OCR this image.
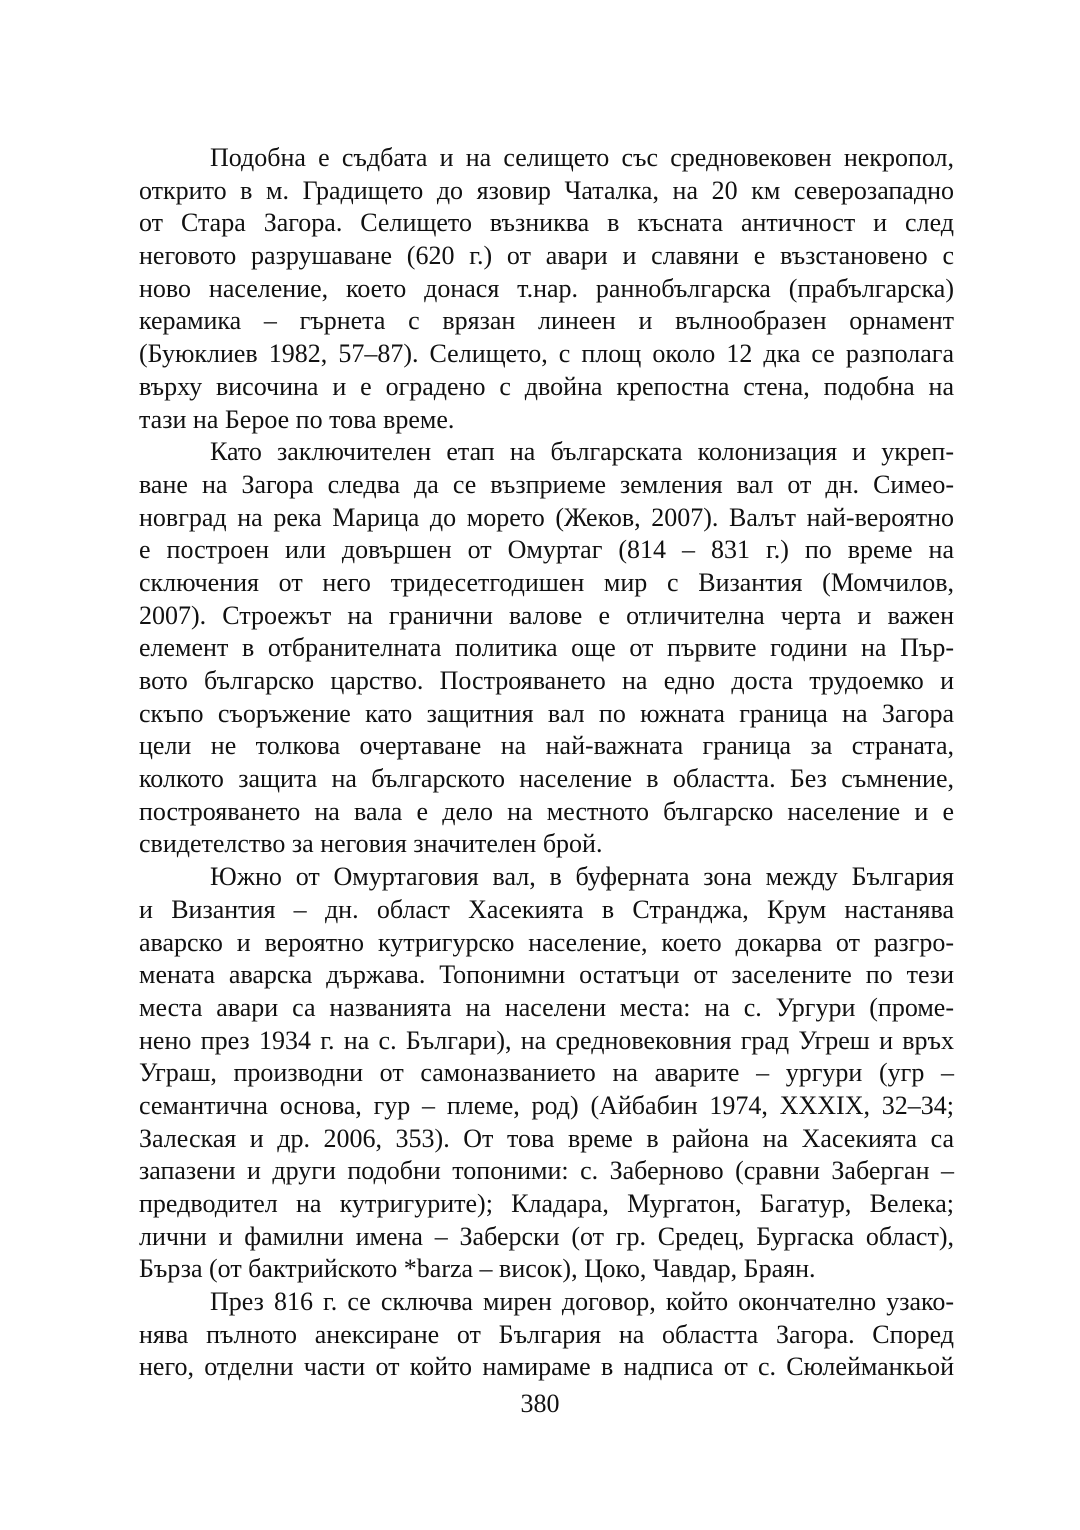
Подобна е съдбата и на селището със средновековен некропол,
открито в м. Градището до язовир Чаталка, на 20 км северозападно
от Стара Загора. Селището възниква в късната античност и след
неговото разрушаване (620 г.) от авари и славяни е възстановено с
ново население, което донася т.нар. раннобългарска (прабългарска)
керамика – гърнета с врязан линеен и вълнообразен орнамент
(Буюклиев 1982, 57–87). Селището, с площ около 12 дка се разполага
върху височина и е оградено с двойна крепостна стена, подобна на
тази на Берое по това време.
Като заключителен етап на българската колонизация и укреп-
ване на Загора следва да се възприеме земления вал от дн. Симео-
новград на река Марица до морето (Жеков, 2007). Валът най-вероятно
е построен или довършен от Омуртаг (814 – 831 г.) по време на
сключения от него тридесетгодишен мир с Византия (Момчилов,
2007). Строежът на гранични валове е отличителна черта и важен
елемент в отбранителната политика още от първите години на Пър-
вото българско царство. Построяването на едно доста трудоемко и
скъпо съоръжение като защитния вал по южната граница на Загора
цели не толкова очертаване на най-важната граница за страната,
колкото защита на българското население в областта. Без съмнение,
построяването на вала е дело на местното българско население и е
свидетелство за неговия значителен брой.
Южно от Омуртаговия вал, в буферната зона между България
и Византия – дн. област Хасекията в Странджа, Крум настанява
аварско и вероятно кутригурско население, което докарва от разгро-
мената аварска държава. Топонимни остатъци от заселените по тези
места авари са названията на населени места: на с. Ургури (проме-
нено през 1934 г. на с. Българи), на средновековния град Угреш и връх
Уграш, производни от самоназванието на аварите – ургури (угр –
семантична основа, гур – племе, род) (Айбабин 1974, XXXIX, 32–34;
Залеская и др. 2006, 353). От това време в района на Хасекията са
запазени и други подобни топоними: с. Заберново (сравни Заберган –
предводител на кутригурите); Кладара, Мургатон, Багатур, Велека;
лични и фамилни имена – Заберски (от гр. Средец, Бургаска област),
Бързa (от бактрийското *barza – висок), Цоко, Чавдар, Браян.
През 816 г. се сключва мирен договор, който окончателно узако-
нява пълното анексиране от България на областта Загора. Според
него, отделни части от който намираме в надписа от с. Сюлейманкьой
380
